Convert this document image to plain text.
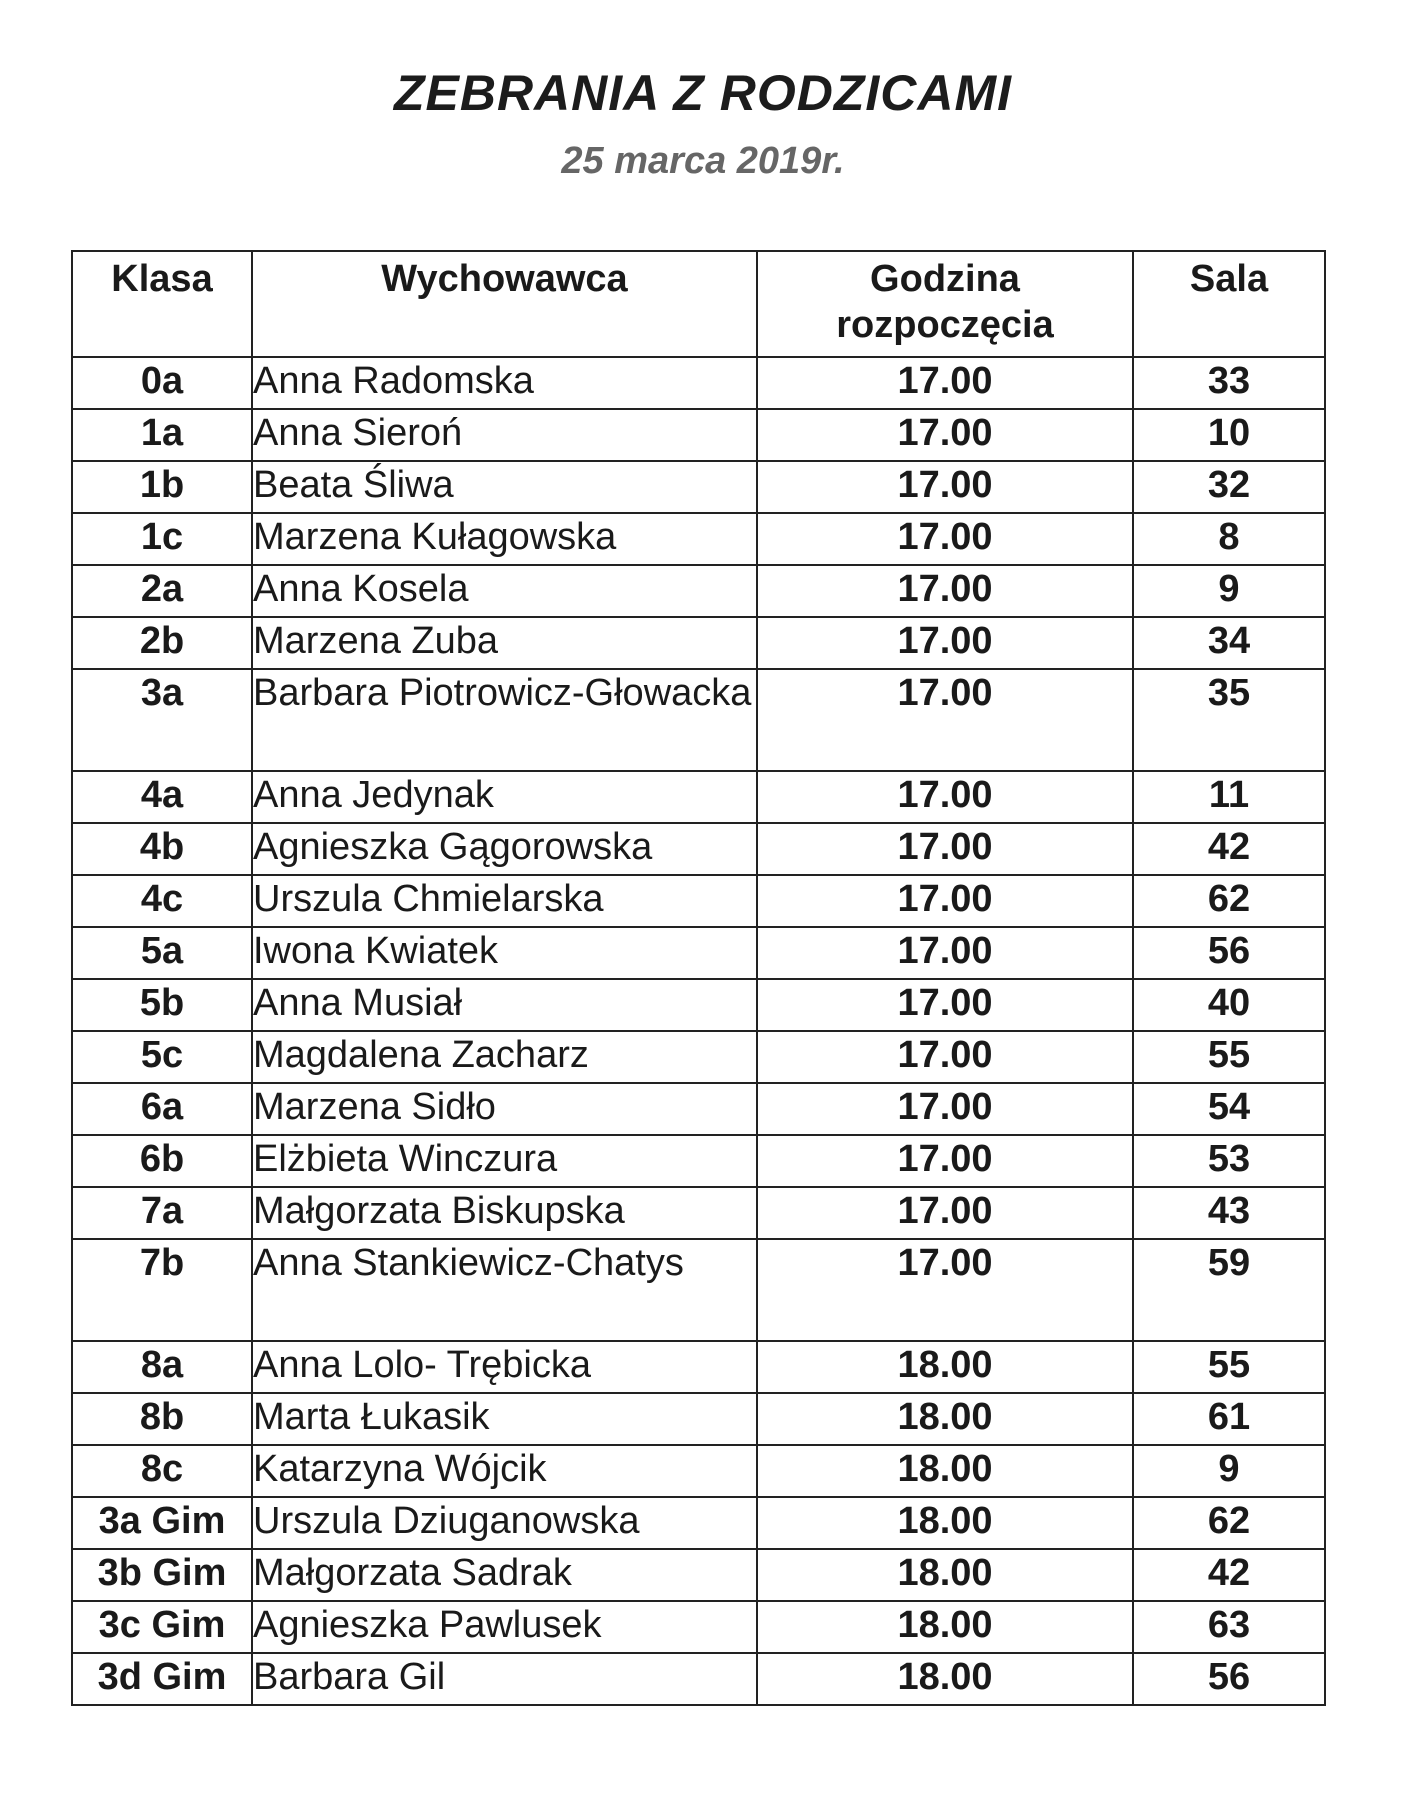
ZEBRANIA Z RODZICAMI
25 marca 2019r.
Klasa	Wychowawca	Godzina rozpoczęcia	Sala
0a	Anna Radomska	17.00	33
1a	Anna Sieroń	17.00	10
1b	Beata Śliwa	17.00	32
1c	Marzena Kułagowska	17.00	8
2a	Anna Kosela	17.00	9
2b	Marzena Zuba	17.00	34
3a	Barbara Piotrowicz-Głowacka	17.00	35
4a	Anna Jedynak	17.00	11
4b	Agnieszka Gągorowska	17.00	42
4c	Urszula Chmielarska	17.00	62
5a	Iwona Kwiatek	17.00	56
5b	Anna Musiał	17.00	40
5c	Magdalena Zacharz	17.00	55
6a	Marzena Sidło	17.00	54
6b	Elżbieta Winczura	17.00	53
7a	Małgorzata Biskupska	17.00	43
7b	Anna Stankiewicz-Chatys	17.00	59
8a	Anna Lolo- Trębicka	18.00	55
8b	Marta Łukasik	18.00	61
8c	Katarzyna Wójcik	18.00	9
3a Gim	Urszula Dziuganowska	18.00	62
3b Gim	Małgorzata Sadrak	18.00	42
3c Gim	Agnieszka Pawlusek	18.00	63
3d Gim	Barbara Gil	18.00	56
